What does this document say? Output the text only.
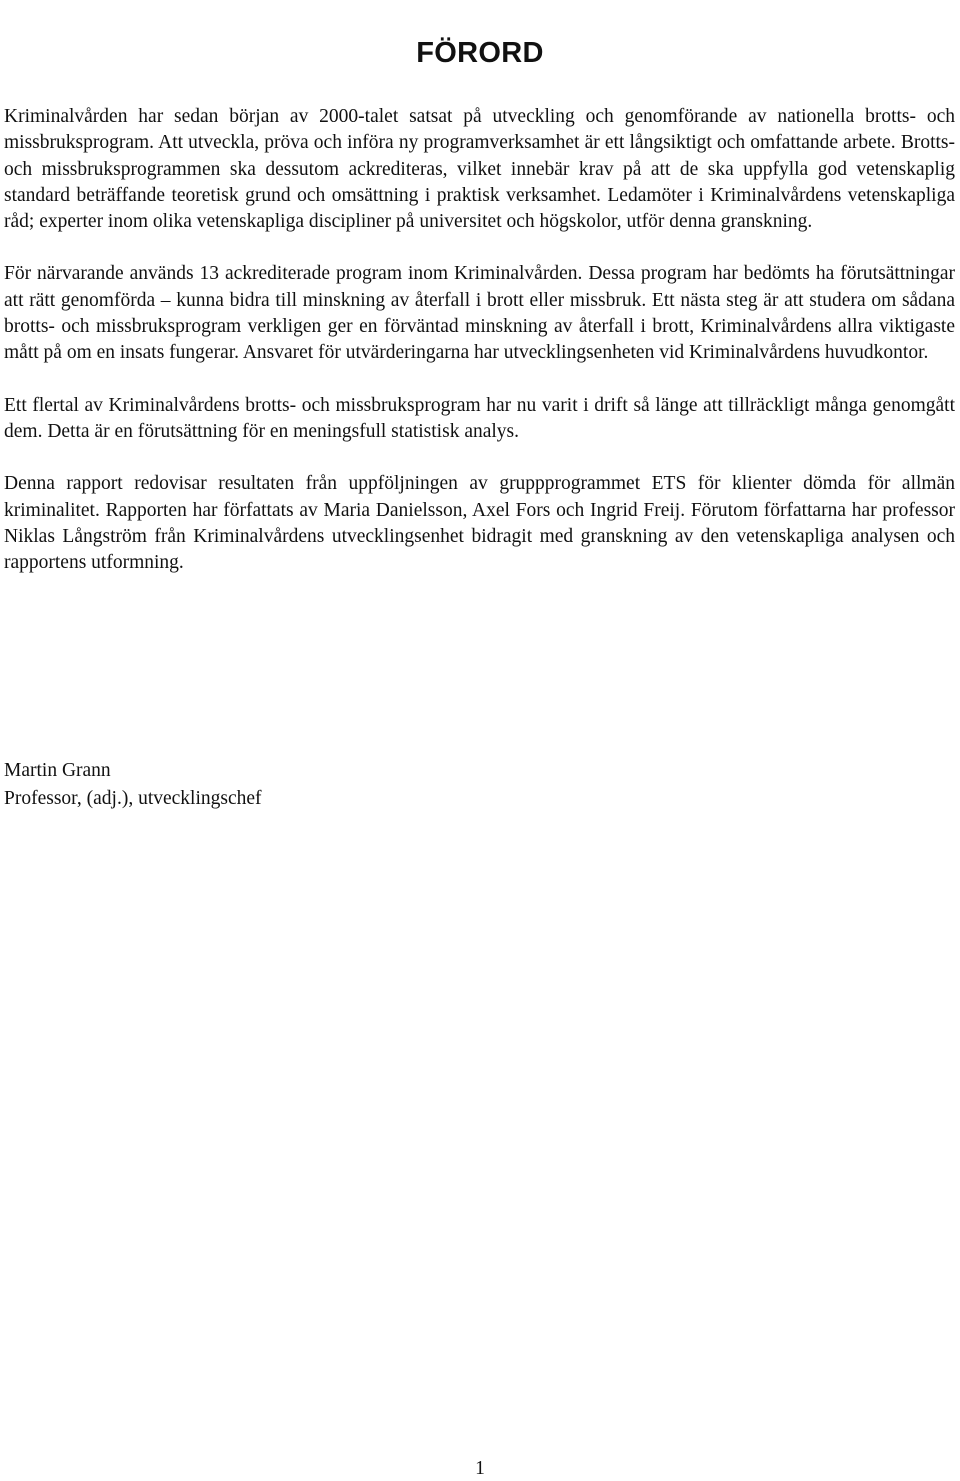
FÖRORD

Kriminalvården har sedan början av 2000-talet satsat på utveckling och genomförande av nationella brotts- och missbruksprogram. Att utveckla, pröva och införa ny programverksamhet är ett långsiktigt och omfattande arbete. Brotts- och missbruksprogrammen ska dessutom ackrediteras, vilket innebär krav på att de ska uppfylla god vetenskaplig standard beträffande teoretisk grund och omsättning i praktisk verksamhet. Ledamöter i Kriminalvårdens vetenskapliga råd; experter inom olika vetenskapliga discipliner på universitet och högskolor, utför denna granskning.

För närvarande används 13 ackrediterade program inom Kriminalvården. Dessa program har bedömts ha förutsättningar att rätt genomförda – kunna bidra till minskning av återfall i brott eller missbruk. Ett nästa steg är att studera om sådana brotts- och missbruksprogram verkligen ger en förväntad minskning av återfall i brott, Kriminalvårdens allra viktigaste mått på om en insats fungerar. Ansvaret för utvärderingarna har utvecklingsenheten vid Kriminalvårdens huvudkontor.

Ett flertal av Kriminalvårdens brotts- och missbruksprogram har nu varit i drift så länge att tillräckligt många genomgått dem. Detta är en förutsättning för en meningsfull statistisk analys.

Denna rapport redovisar resultaten från uppföljningen av gruppprogrammet ETS för klienter dömda för allmän kriminalitet. Rapporten har författats av Maria Danielsson, Axel Fors och Ingrid Freij. Förutom författarna har professor Niklas Långström från Kriminalvårdens utvecklingsenhet bidragit med granskning av den vetenskapliga analysen och rapportens utformning.

Martin Grann
Professor, (adj.), utvecklingschef
1
